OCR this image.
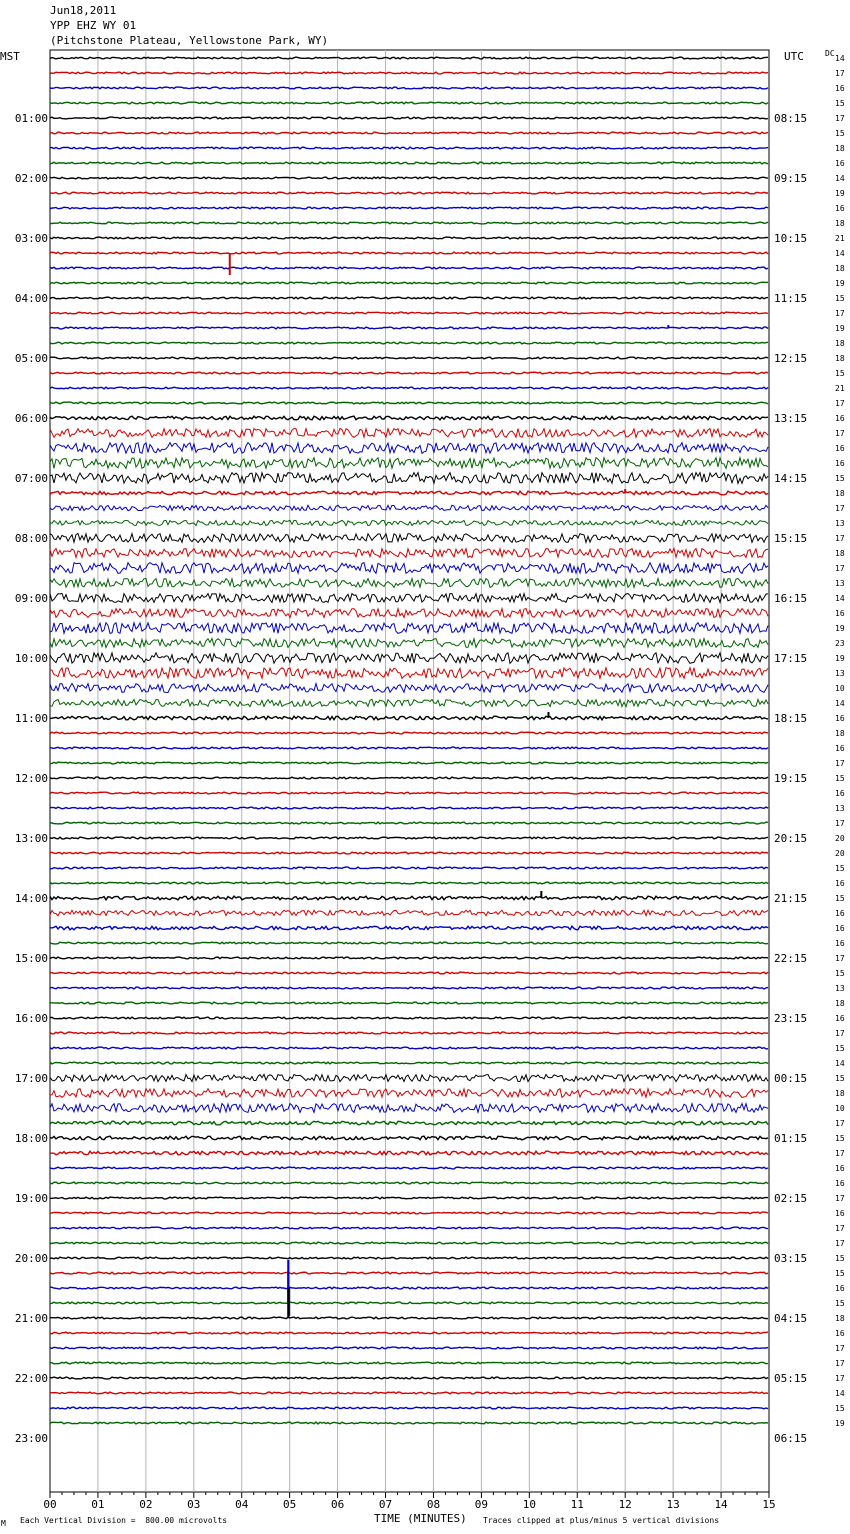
Jun18,2011
YPP EHZ WY 01
(Pitchstone Plateau, Yellowstone Park, WY)
MST	UTC	DC
00	01	02	03	04	05	06	07	08	09	10	11	12	13	14	15
14
17
16
15
17
15
18
16
14
19
16
18
21
14
18
19
15
17
19
18
18
15
21
17
16
17
16
16
15
18
17
13
17
18
17
13
14
16
19
23
19
13
10
14
16
18
16
17
15
16
13
17
20
20
15
16
15
16
16
16
17
15
13
18
16
17
15
14
15
18
10
17
15
17
16
16
17
16
17
17
15
15
16
15
18
16
17
17
17
14
15
19
01:00
02:00
03:00
04:00
05:00
06:00
07:00
08:00
09:00
10:00
11:00
12:00
13:00
14:00
15:00
16:00
17:00
18:00
19:00
20:00
21:00
22:00
23:00
08:15
09:15
10:15
11:15
12:15
13:15
14:15
15:15
16:15
17:15
18:15
19:15
20:15
21:15
22:15
23:15
00:15
01:15
02:15
03:15
04:15
05:15
06:15
TIME (MINUTES)
Each Vertical Division =  800.00 microvolts	Traces clipped at plus/minus 5 vertical divisions
M
